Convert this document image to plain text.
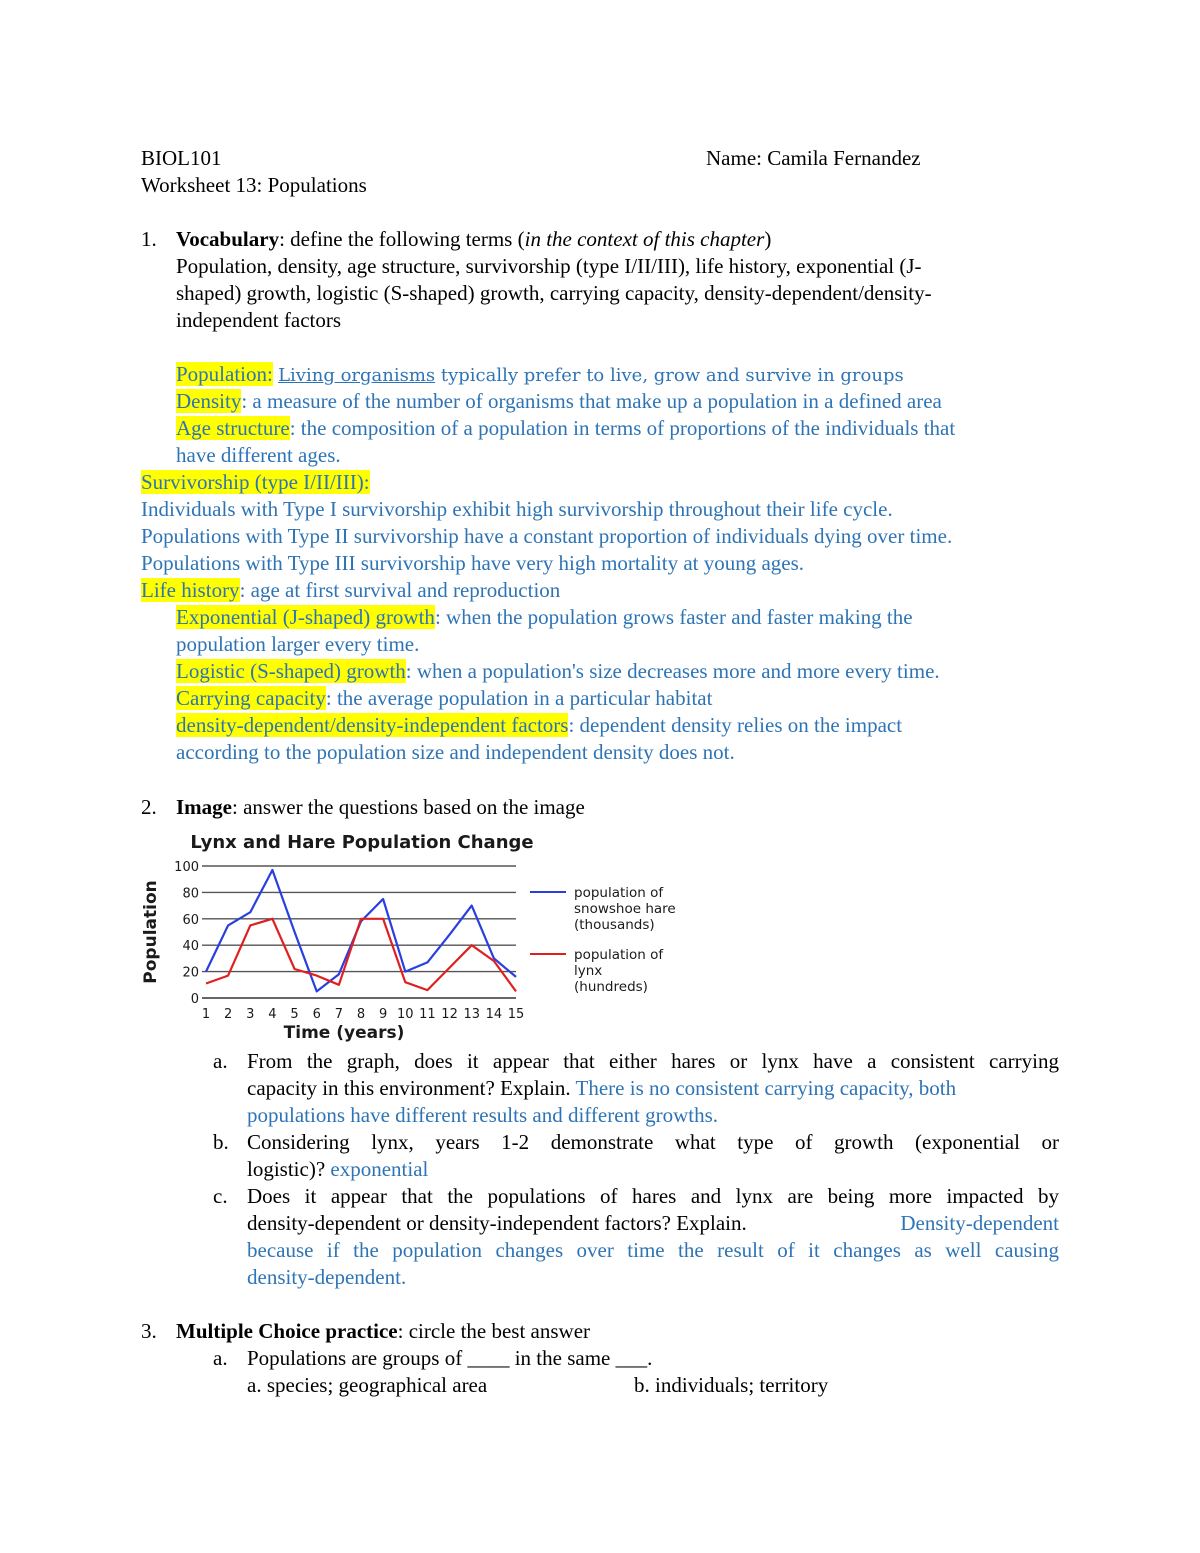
BIOL101	Name: Camila Fernandez
Worksheet 13: Populations
1. Vocabulary: define the following terms (in the context of this chapter)
Population, density, age structure, survivorship (type I/II/III), life history, exponential (J-
shaped) growth, logistic (S-shaped) growth, carrying capacity, density-dependent/density-
independent factors
Population: Living organisms typically prefer to live, grow and survive in groups
Density: a measure of the number of organisms that make up a population in a defined area
Age structure: the composition of a population in terms of proportions of the individuals that
have different ages.
Survivorship (type I/II/III):
Individuals with Type I survivorship exhibit high survivorship throughout their life cycle.
Populations with Type II survivorship have a constant proportion of individuals dying over time.
Populations with Type III survivorship have very high mortality at young ages.
Life history: age at first survival and reproduction
Exponential (J-shaped) growth: when the population grows faster and faster making the
population larger every time.
Logistic (S-shaped) growth: when a population's size decreases more and more every time.
Carrying capacity: the average population in a particular habitat
density-dependent/density-independent factors: dependent density relies on the impact
according to the population size and independent density does not.
2. Image: answer the questions based on the image
Lynx and Hare Population Change
Population
Time (years)
0
20
40
60
80
100
1 2 3 4 5 6 7 8 9 10 11 12 13 14 15
population of
snowshoe hare
(thousands)
population of
lynx
(hundreds)
a. From the graph, does it appear that either hares or lynx have a consistent carrying
capacity in this environment? Explain. There is no consistent carrying capacity, both
populations have different results and different growths.
b. Considering lynx, years 1-2 demonstrate what type of growth (exponential or
logistic)? exponential
c. Does it appear that the populations of hares and lynx are being more impacted by
density-dependent or density-independent factors? Explain.	Density-dependent
because if the population changes over time the result of it changes as well causing
density-dependent.
3. Multiple Choice practice: circle the best answer
a. Populations are groups of ____ in the same ___.
a. species; geographical area	b. individuals; territory
